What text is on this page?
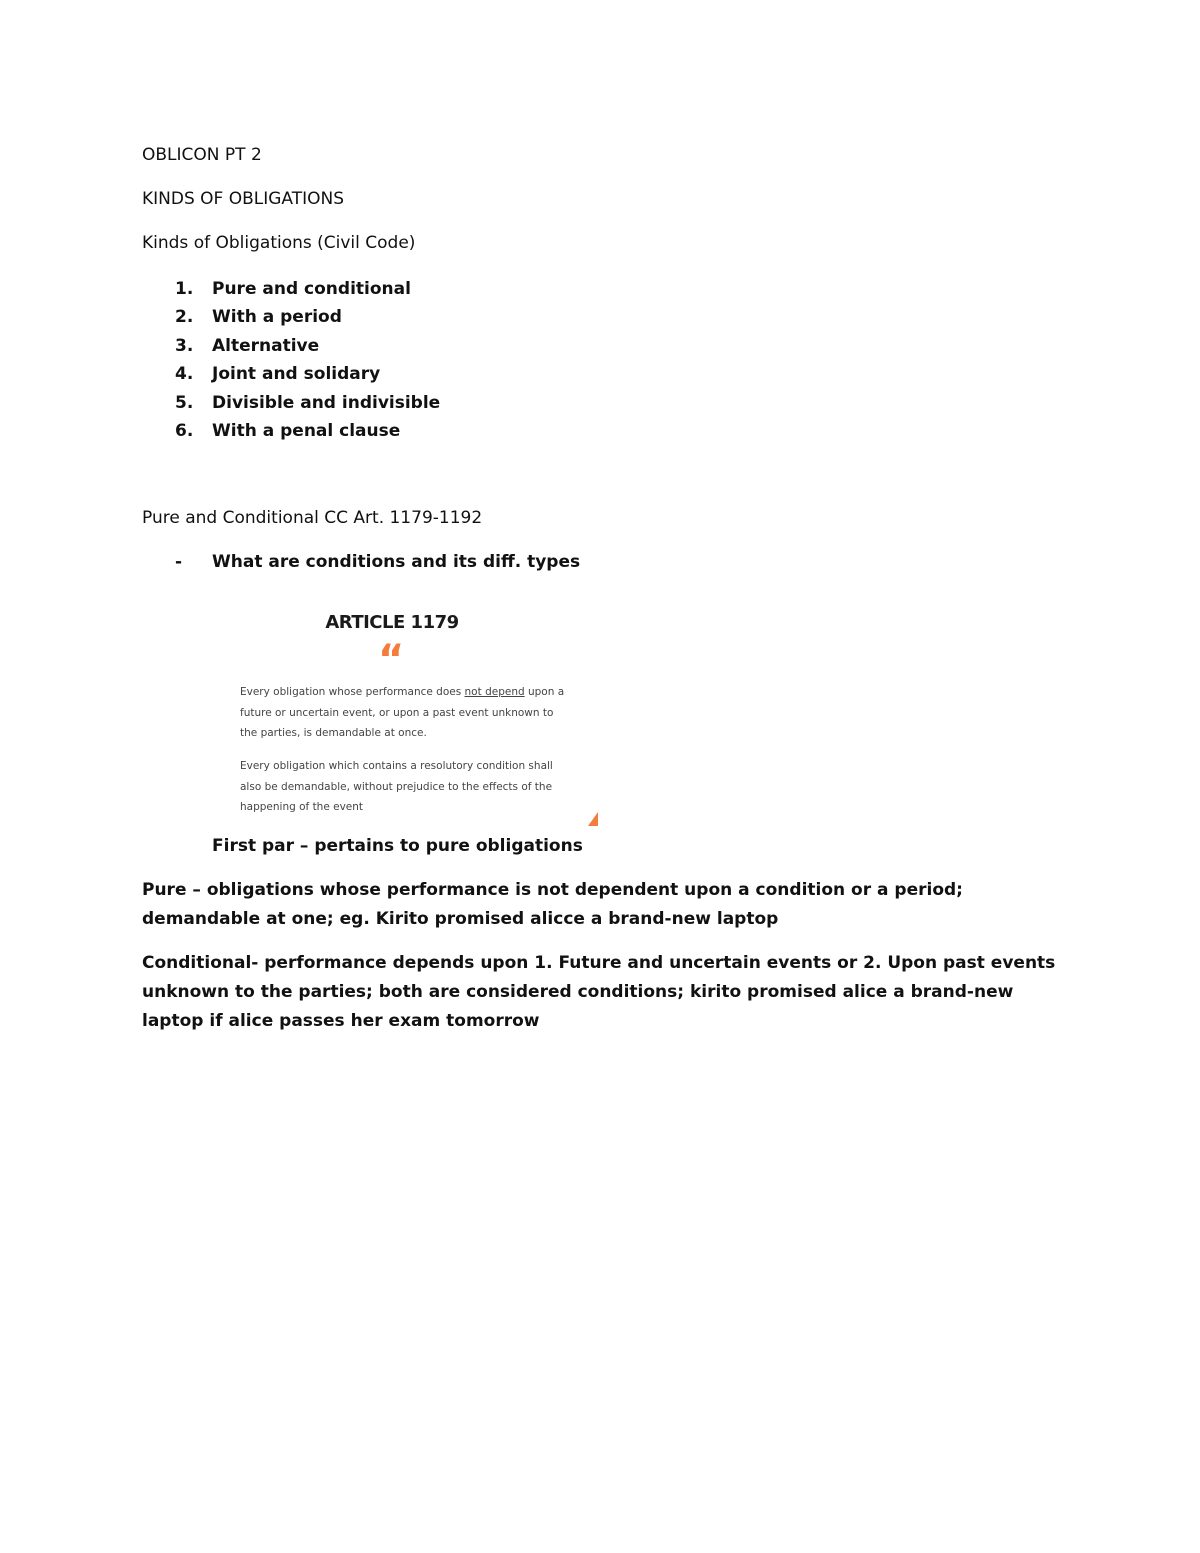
OBLICON PT 2
KINDS OF OBLIGATIONS
Kinds of Obligations (Civil Code)
1. Pure and conditional
2. With a period
3. Alternative
4. Joint and solidary
5. Divisible and indivisible
6. With a penal clause
Pure and Conditional CC Art. 1179-1192
- What are conditions and its diff. types
ARTICLE 1179
“
Every obligation whose performance does not depend upon a future or uncertain event, or upon a past event unknown to the parties, is demandable at once.
Every obligation which contains a resolutory condition shall also be demandable, without prejudice to the effects of the happening of the event
First par – pertains to pure obligations
Pure – obligations whose performance is not dependent upon a condition or a period; demandable at one; eg. Kirito promised alicce a brand-new laptop
Conditional- performance depends upon 1. Future and uncertain events or 2. Upon past events unknown to the parties; both are considered conditions; kirito promised alice a brand-new laptop if alice passes her exam tomorrow
